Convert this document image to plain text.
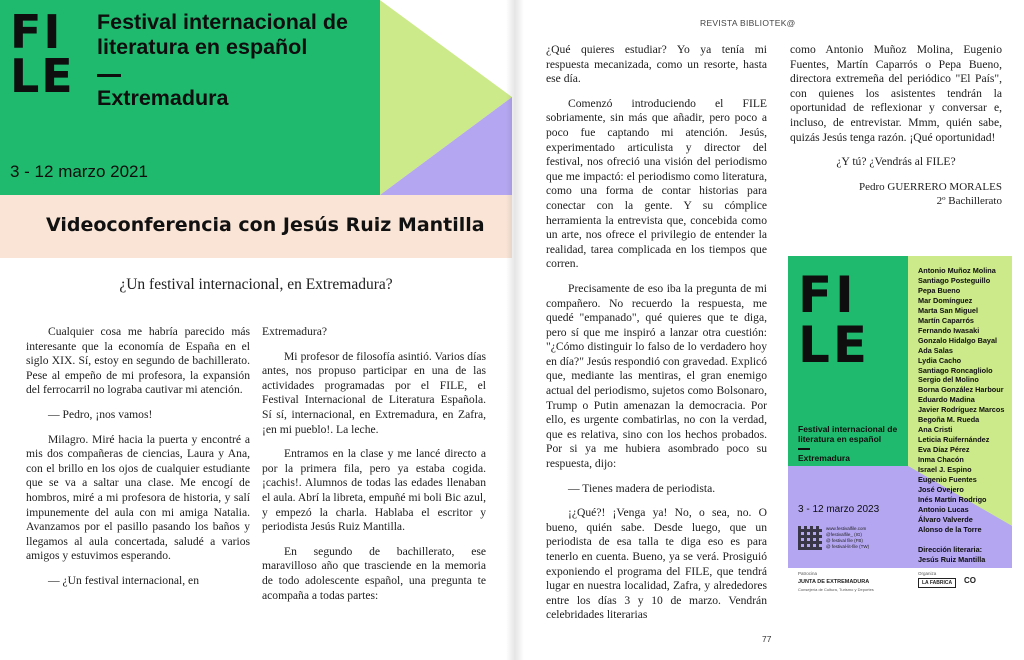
FI
LE
Festival internacional de literatura en español
Extremadura
3 - 12 marzo 2021
Videoconferencia con Jesús Ruiz Mantilla
¿Un festival internacional, en Extremadura?

Cualquier cosa me habría parecido más interesante que la economía de España en el siglo XIX. Sí, estoy en segundo de bachillerato. Pese al empeño de mi profesora, la expansión del ferrocarril no lograba cautivar mi atención.

— Pedro, ¡nos vamos!

Milagro. Miré hacia la puerta y encontré a mis dos compañeras de ciencias, Laura y Ana, con el brillo en los ojos de cualquier estudiante que se va a saltar una clase. Me encogí de hombros, miré a mi profesora de historia, y salí impunemente del aula con mi amiga Natalia. Avanzamos por el pasillo pasando los baños y llegamos al aula concertada, saludé a varios amigos y estuvimos esperando.

— ¿Un festival internacional, en

Extremadura?

Mi profesor de filosofía asintió. Varios días antes, nos propuso participar en una de las actividades programadas por el FILE, el Festival Internacional de Literatura Española. Sí sí, internacional, en Extremadura, en Zafra, ¡en mi pueblo!. La leche.

Entramos en la clase y me lancé directo a por la primera fila, pero ya estaba cogida. ¡cachis!. Alumnos de todas las edades llenaban el aula. Abrí la libreta, empuñé mi boli Bic azul, y empezó la charla. Hablaba el escritor y periodista Jesús Ruiz Mantilla.

En segundo de bachillerato, ese maravilloso año que trasciende en la memoria de todo adolescente español, una pregunta te acompaña a todas partes:

REVISTA BIBLIOTEK@

¿Qué quieres estudiar? Yo ya tenía mi respuesta mecanizada, como un resorte, hasta ese día.

Comenzó introduciendo el FILE sobriamente, sin más que añadir, pero poco a poco fue captando mi atención. Jesús, experimentado articulista y director del festival, nos ofreció una visión del periodismo que me impactó: el periodismo como literatura, como una forma de contar historias para conectar con la gente. Y su cómplice herramienta la entrevista que, concebida como un arte, nos ofrece el privilegio de entender la realidad, tarea complicada en los tiempos que corren.

Precisamente de eso iba la pregunta de mi compañero. No recuerdo la respuesta, me quedé "empanado", qué quieres que te diga, pero sí que me inspiró a lanzar otra cuestión: "¿Cómo distinguir lo falso de lo verdadero hoy en día?" Jesús respondió con gravedad. Explicó que, mediante las mentiras, el gran enemigo actual del periodismo, sujetos como Bolsonaro, Trump o Putin amenazan la democracia. Por ello, es urgente combatirlas, no con la verdad, que es relativa, sino con los hechos probados. Por si ya me hubiera asombrado poco su respuesta, dijo:

— Tienes madera de periodista.

¡¿Qué?! ¡Venga ya! No, o sea, no. O bueno, quién sabe. Desde luego, que un periodista de esa talla te diga eso es para tenerlo en cuenta. Bueno, ya se verá. Prosiguió exponiendo el programa del FILE, que tendrá lugar en nuestra localidad, Zafra, y alrededores entre los días 3 y 10 de marzo. Vendrán celebridades literarias

como Antonio Muñoz Molina, Eugenio Fuentes, Martín Caparrós o Pepa Bueno, directora extremeña del periódico "El País", con quienes los asistentes tendrán la oportunidad de reflexionar y conversar e, incluso, de entrevistar. Mmm, quién sabe, quizás Jesús tenga razón. ¡Qué oportunidad!

¿Y tú? ¿Vendrás al FILE?

Pedro GUERRERO MORALES
2º Bachillerato
FI
LE
Festival internacional de literatura en español
Extremadura
3 - 12 marzo 2023
Antonio Muñoz Molina
Santiago Posteguillo
Pepa Bueno
Mar Domínguez
Marta San Miguel
Martín Caparrós
Fernando Iwasaki
Gonzalo Hidalgo Bayal
Ada Salas
Lydia Cacho
Santiago Roncagliolo
Sergio del Molino
Borna González Harbour
Eduardo Madina
Javier Rodríguez Marcos
Begoña M. Rueda
Ana Cristi
Leticia Ruifernández
Eva Díaz Pérez
Inma Chacón
Israel J. Espino
Eugenio Fuentes
José Ovejero
Inés Martín Rodrigo
Antonio Lucas
Álvaro Valverde
Alonso de la Torre
Dirección literaria:
Jesús Ruiz Mantilla
www.festivalfile.com
@festivalfile_ (IG)
@ festival file (FB)
@ festival-lit-file (TW)
Patrocina	Organiza
JUNTA DE EXTREMADURA
Consejería de Cultura, Turismo y Deportes
LA FABRICA	CO
77
